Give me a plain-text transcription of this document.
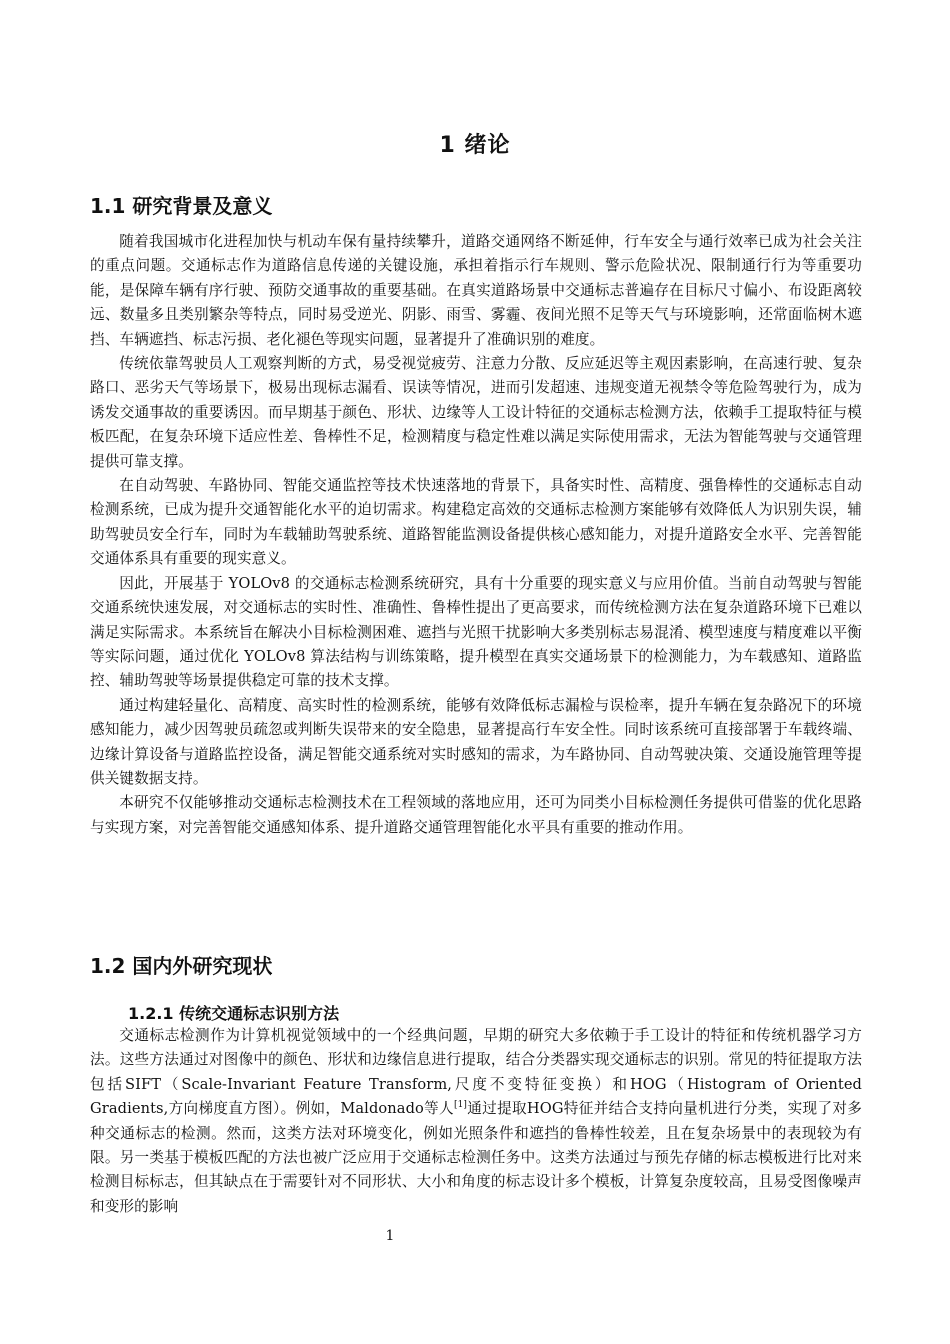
1 绪论
1.1 研究背景及意义

随着我国城市化进程加快与机动车保有量持续攀升，道路交通网络不断延伸，行车安全与通行效率已成为社会关注的重点问题。交通标志作为道路信息传递的关键设施，承担着指示行车规则、警示危险状况、限制通行行为等重要功能，是保障车辆有序行驶、预防交通事故的重要基础。在真实道路场景中交通标志普遍存在目标尺寸偏小、布设距离较远、数量多且类别繁杂等特点，同时易受逆光、阴影、雨雪、雾霾、夜间光照不足等天气与环境影响，还常面临树木遮挡、车辆遮挡、标志污损、老化褪色等现实问题，显著提升了准确识别的难度。

传统依靠驾驶员人工观察判断的方式，易受视觉疲劳、注意力分散、反应延迟等主观因素影响，在高速行驶、复杂路口、恶劣天气等场景下，极易出现标志漏看、误读等情况，进而引发超速、违规变道无视禁令等危险驾驶行为，成为诱发交通事故的重要诱因。而早期基于颜色、形状、边缘等人工设计特征的交通标志检测方法，依赖手工提取特征与模板匹配，在复杂环境下适应性差、鲁棒性不足，检测精度与稳定性难以满足实际使用需求，无法为智能驾驶与交通管理提供可靠支撑。

在自动驾驶、车路协同、智能交通监控等技术快速落地的背景下，具备实时性、高精度、强鲁棒性的交通标志自动检测系统，已成为提升交通智能化水平的迫切需求。构建稳定高效的交通标志检测方案能够有效降低人为识别失误，辅助驾驶员安全行车，同时为车载辅助驾驶系统、道路智能监测设备提供核心感知能力，对提升道路安全水平、完善智能交通体系具有重要的现实意义。

因此，开展基于 YOLOv8 的交通标志检测系统研究，具有十分重要的现实意义与应用价值。当前自动驾驶与智能交通系统快速发展，对交通标志的实时性、准确性、鲁棒性提出了更高要求，而传统检测方法在复杂道路环境下已难以满足实际需求。本系统旨在解决小目标检测困难、遮挡与光照干扰影响大多类别标志易混淆、模型速度与精度难以平衡等实际问题，通过优化 YOLOv8 算法结构与训练策略，提升模型在真实交通场景下的检测能力，为车载感知、道路监控、辅助驾驶等场景提供稳定可靠的技术支撑。

通过构建轻量化、高精度、高实时性的检测系统，能够有效降低标志漏检与误检率，提升车辆在复杂路况下的环境感知能力，减少因驾驶员疏忽或判断失误带来的安全隐患，显著提高行车安全性。同时该系统可直接部署于车载终端、边缘计算设备与道路监控设备，满足智能交通系统对实时感知的需求，为车路协同、自动驾驶决策、交通设施管理等提供关键数据支持。

本研究不仅能够推动交通标志检测技术在工程领域的落地应用，还可为同类小目标检测任务提供可借鉴的优化思路与实现方案，对完善智能交通感知体系、提升道路交通管理智能化水平具有重要的推动作用。

1.2 国内外研究现状
1.2.1 传统交通标志识别方法

交通标志检测作为计算机视觉领域中的一个经典问题，早期的研究大多依赖于手工设计的特征和传统机器学习方法。这些方法通过对图像中的颜色、形状和边缘信息进行提取，结合分类器实现交通标志的识别。常见的特征提取方法包括SIFT（Scale-Invariant Feature Transform,尺度不变特征变换）和HOG（Histogram of Oriented Gradients,方向梯度直方图）。例如，Maldonado等人[1]通过提取HOG特征并结合支持向量机进行分类，实现了对多种交通标志的检测。然而，这类方法对环境变化，例如光照条件和遮挡的鲁棒性较差，且在复杂场景中的表现较为有限。另一类基于模板匹配的方法也被广泛应用于交通标志检测任务中。这类方法通过与预先存储的标志模板进行比对来检测目标标志，但其缺点在于需要针对不同形状、大小和角度的标志设计多个模板，计算复杂度较高，且易受图像噪声和变形的影响

1
